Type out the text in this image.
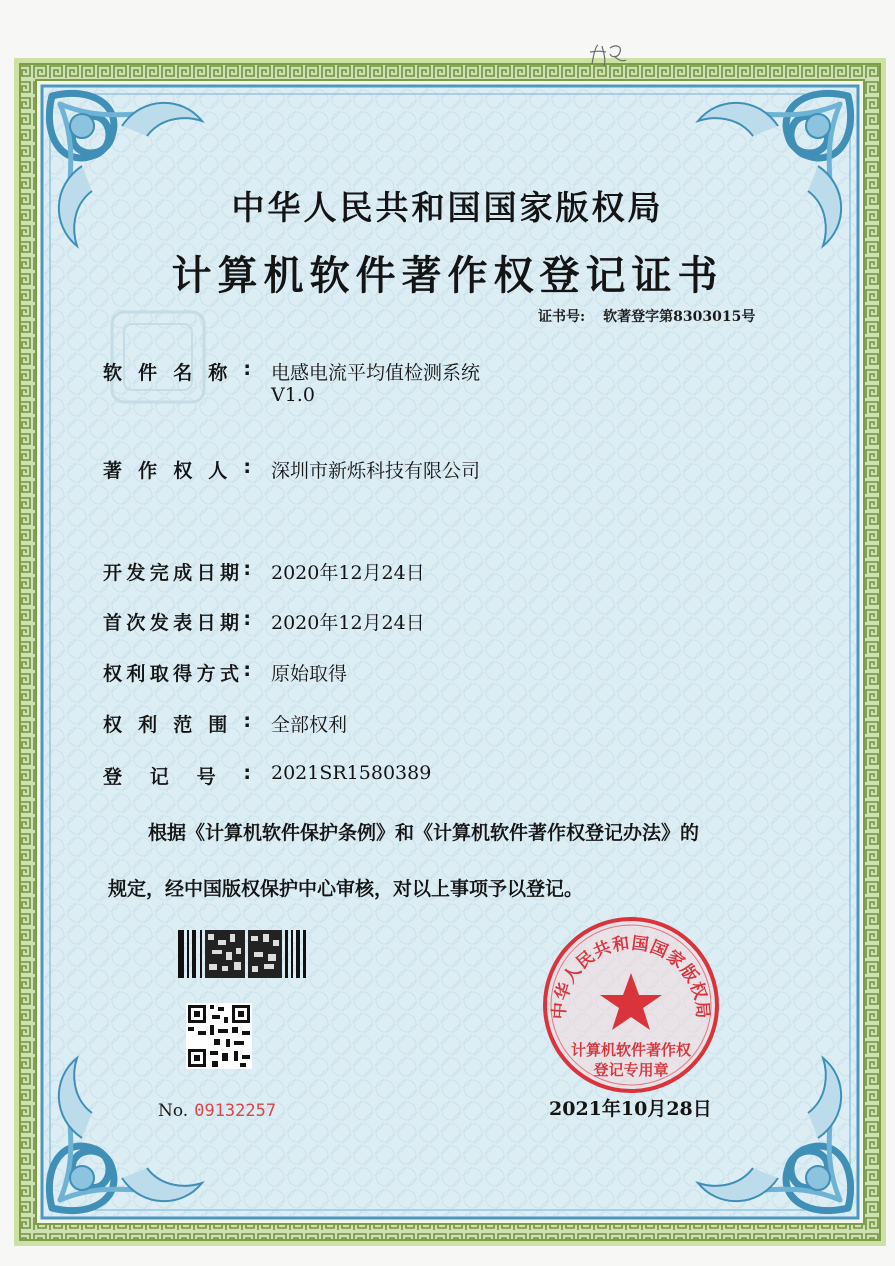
中华人民共和国国家版权局
计算机软件著作权登记证书
证书号: 软著登字第8303015号
软 件 名 称 : 电感电流平均值检测系统
V1.0
著 作 权 人 : 深圳市新烁科技有限公司
开 发 完 成 日 期 : 2020年12月24日
首 次 发 表 日 期 : 2020年12月24日
权 利 取 得 方 式 : 原始取得
权 利 范 围 : 全部权利
登 记 号 : 2021SR1580389
根据《计算机软件保护条例》和《计算机软件著作权登记办法》的
规定，经中国版权保护中心审核，对以上事项予以登记。
No. 09132257
中华人民共和国国家版权局
计算机软件著作权
登记专用章
2021年10月28日
